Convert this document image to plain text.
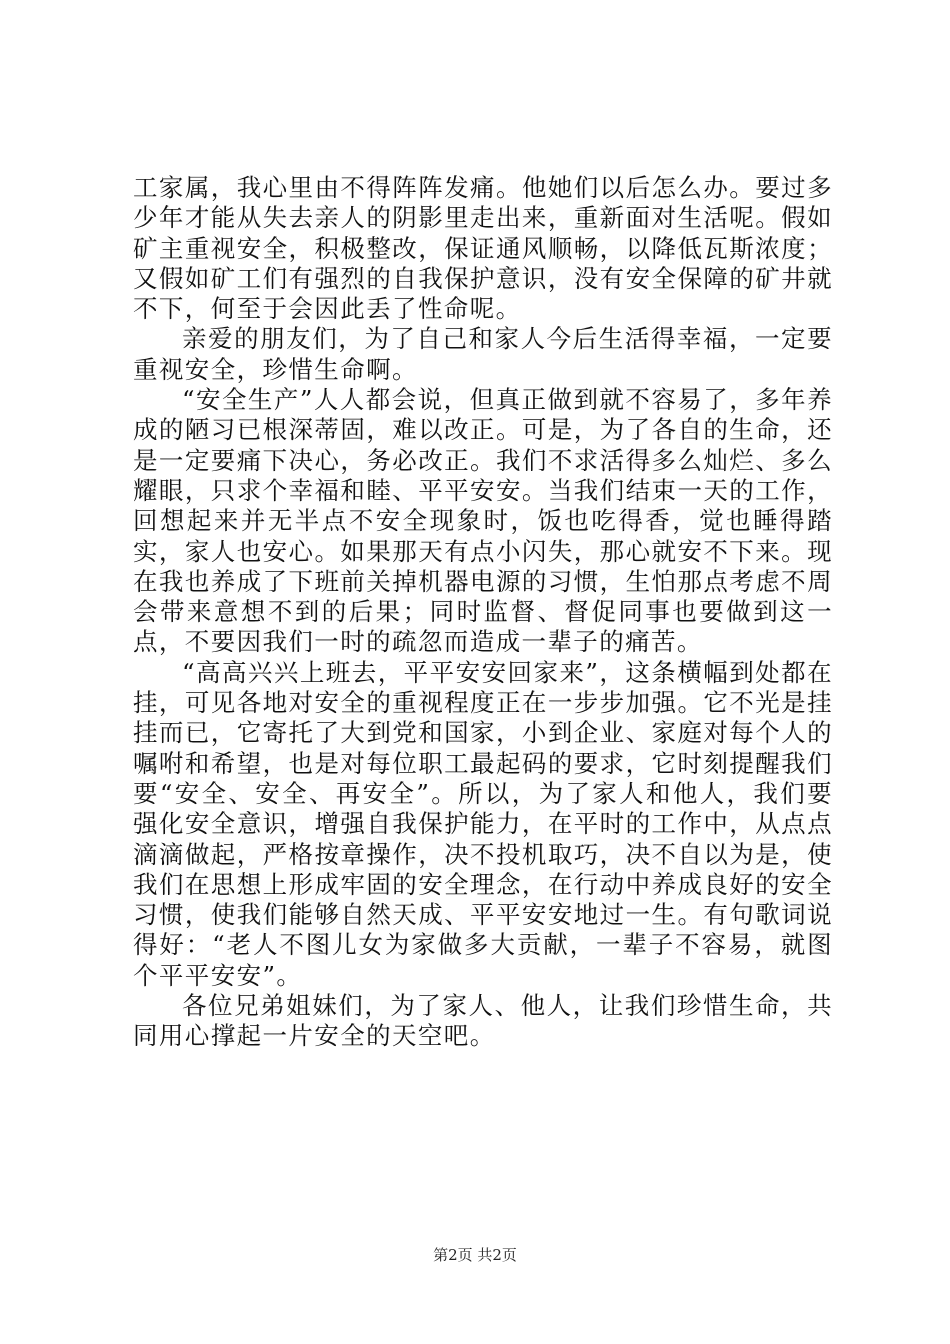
工家属，我心里由不得阵阵发痛。他她们以后怎么办。要过多少年才能从失去亲人的阴影里走出来，重新面对生活呢。假如矿主重视安全，积极整改，保证通风顺畅，以降低瓦斯浓度；又假如矿工们有强烈的自我保护意识，没有安全保障的矿井就不下，何至于会因此丢了性命呢。

亲爱的朋友们，为了自己和家人今后生活得幸福，一定要重视安全，珍惜生命啊。

“安全生产”人人都会说，但真正做到就不容易了，多年养成的陋习已根深蒂固，难以改正。可是，为了各自的生命，还是一定要痛下决心，务必改正。我们不求活得多么灿烂、多么耀眼，只求个幸福和睦、平平安安。当我们结束一天的工作，回想起来并无半点不安全现象时，饭也吃得香，觉也睡得踏实，家人也安心。如果那天有点小闪失，那心就安不下来。现在我也养成了下班前关掉机器电源的习惯，生怕那点考虑不周会带来意想不到的后果；同时监督、督促同事也要做到这一点，不要因我们一时的疏忽而造成一辈子的痛苦。

“高高兴兴上班去，平平安安回家来”，这条横幅到处都在挂，可见各地对安全的重视程度正在一步步加强。它不光是挂挂而已，它寄托了大到党和国家，小到企业、家庭对每个人的嘱咐和希望，也是对每位职工最起码的要求，它时刻提醒我们要“安全、安全、再安全”。所以，为了家人和他人，我们要强化安全意识，增强自我保护能力，在平时的工作中，从点点滴滴做起，严格按章操作，决不投机取巧，决不自以为是，使我们在思想上形成牢固的安全理念，在行动中养成良好的安全习惯，使我们能够自然天成、平平安安地过一生。有句歌词说得好：“老人不图儿女为家做多大贡献，一辈子不容易，就图个平平安安”。

各位兄弟姐妹们，为了家人、他人，让我们珍惜生命，共同用心撑起一片安全的天空吧。

第2页 共2页
